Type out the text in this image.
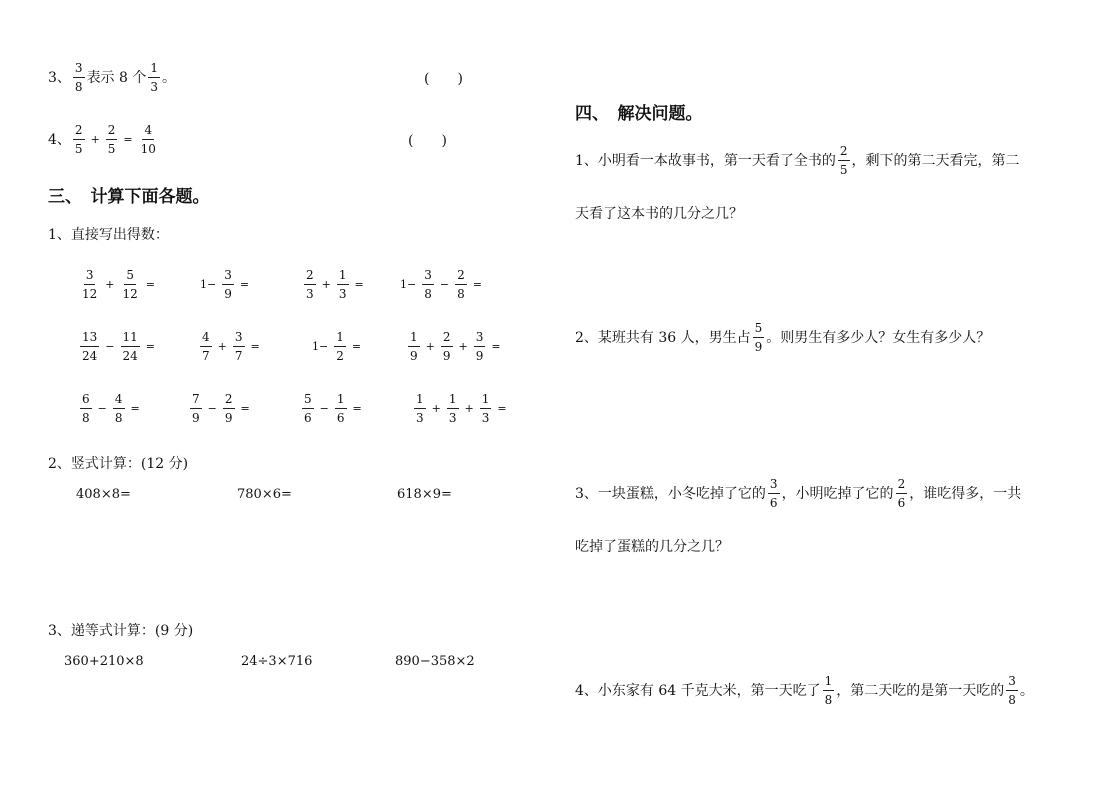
3、 $\frac{3}{8}$ 表示 8 个 $\frac{1}{3}$ 。	(　　)
4、 $\frac{2}{5} + \frac{2}{5} = \frac{4}{10}$	(　　)
三、　计算下面各题。
1、直接写出得数：
$\frac{3}{12} + \frac{5}{12}$ =	$1- \frac{3}{9}$ =	$\frac{2}{3} + \frac{1}{3}$ =	$1- \frac{3}{8} - \frac{2}{8}$ =
$\frac{13}{24} - \frac{11}{24}$ =	$\frac{4}{7} + \frac{3}{7}$ =	$1- \frac{1}{2}$ =	$\frac{1}{9} + \frac{2}{9} + \frac{3}{9}$ =
$\frac{6}{8} - \frac{4}{8}$ =	$\frac{7}{9} - \frac{2}{9}$ =	$\frac{5}{6} - \frac{1}{6}$ =	$\frac{1}{3} + \frac{1}{3} + \frac{1}{3}$ =
2、竖式计算：(12 分)
408×8=	780×6=	618×9=
3、递等式计算：(9 分)
360+210×8	24÷3×716	890−358×2
四、　解决问题。
1、小明看一本故事书，第一天看了全书的 $\frac{2}{5}$ ，剩下的第二天看完，第二
天看了这本书的几分之几？
2、某班共有 36 人，男生占 $\frac{5}{9}$ 。则男生有多少人？女生有多少人？
3、一块蛋糕，小冬吃掉了它的 $\frac{3}{6}$ ，小明吃掉了它的 $\frac{2}{6}$ ，谁吃得多，一共
吃掉了蛋糕的几分之几？
4、小东家有 64 千克大米，第一天吃了 $\frac{1}{8}$ ，第二天吃的是第一天吃的 $\frac{3}{8}$ 。
